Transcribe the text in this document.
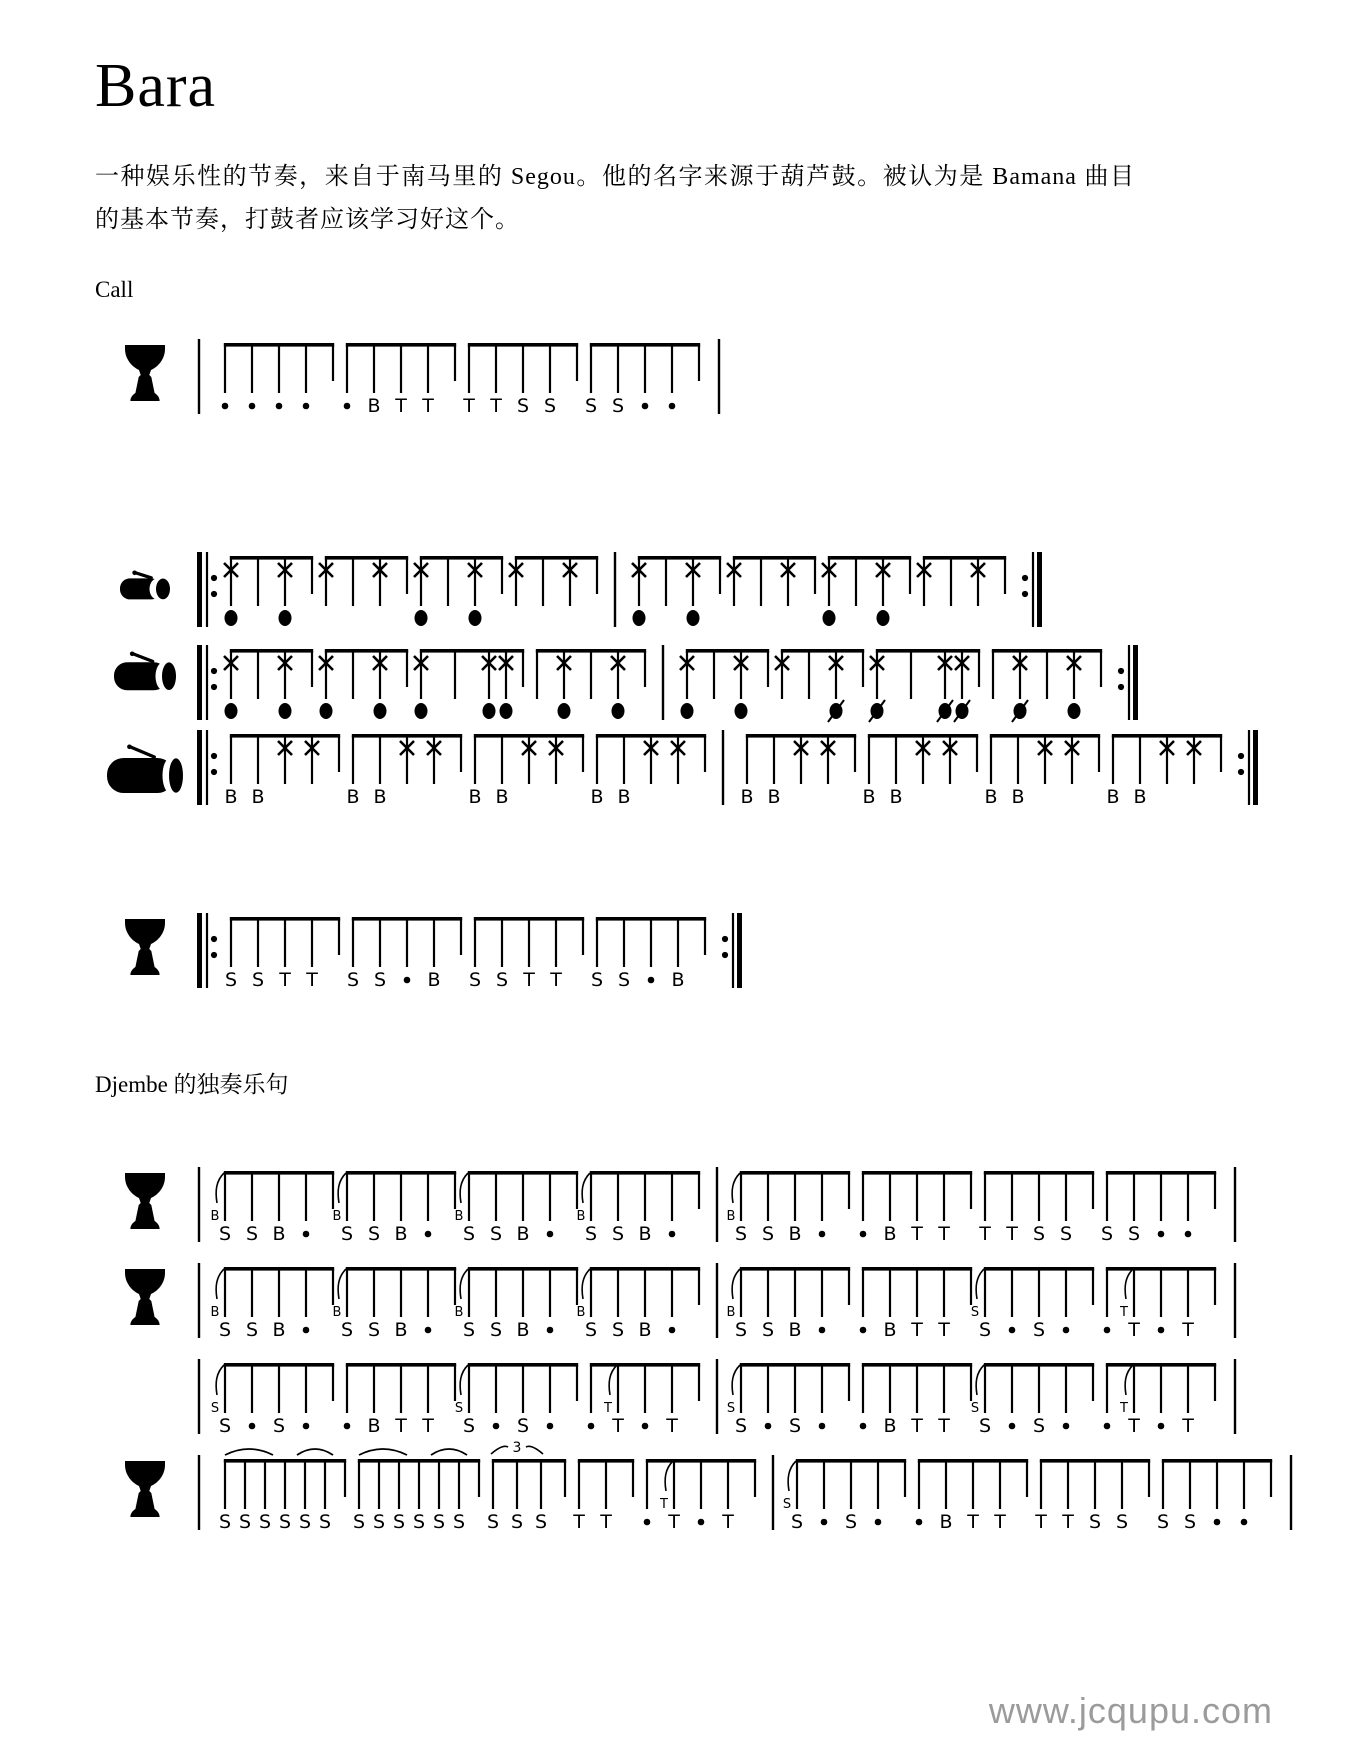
Bara

一种娱乐性的节奏，来自于南马里的 Segou。他的名字来源于葫芦鼓。被认为是 Bamana 曲目的基本节奏，打鼓者应该学习好这个。

Call
B T T T T S S S S
B B	B B	B B	B B	B B	B B	B B	B B
S S T T S S B S S T T S S B
Djembe 的独奏乐句
S
B
S B	S
B
S B	S
B
S B	S
B
S B	S
B
S B	B T T T T S S S S
S
B
S B	S
B
S B	S
B
S B	S
B
S B	S
B
S B	B T T S
S
S	T
T
T
S
S
S	B T T S
S
S	T
T
T	S
S
S	B T T S
S
S	T
T
T
S S S S S S S S S S S S S S S
3
T T	T
T
T	S
S
S	B T T T T S S S S
www.jcqupu.com
